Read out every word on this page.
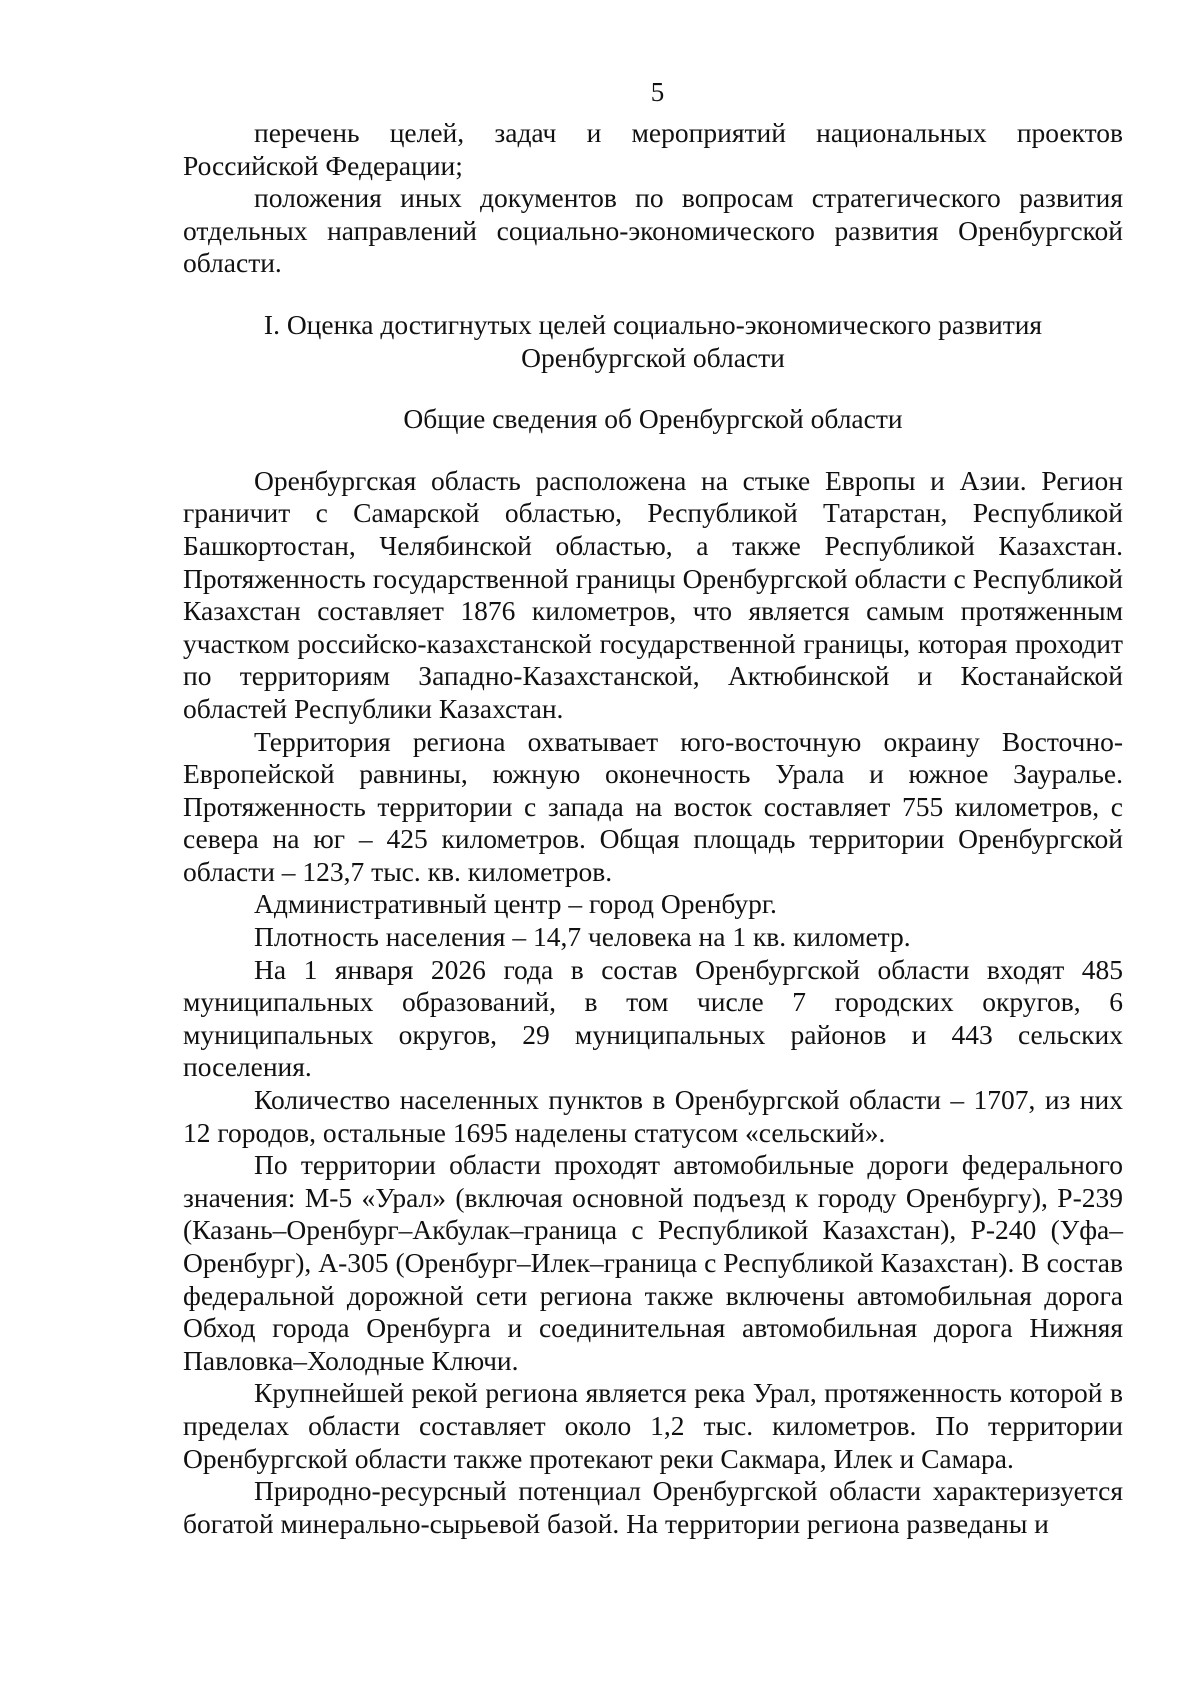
5

перечень целей, задач и мероприятий национальных проектов Российской Федерации;

положения иных документов по вопросам стратегического развития отдельных направлений социально-экономического развития Оренбургской области.

I. Оценка достигнутых целей социально-экономического развития
Оренбургской области
Общие сведения об Оренбургской области

Оренбургская область расположена на стыке Европы и Азии. Регион граничит с Самарской областью, Республикой Татарстан, Республикой Башкортостан, Челябинской областью, а также Республикой Казахстан. Протяженность государственной границы Оренбургской области с Республикой Казахстан составляет 1876 километров, что является самым протяженным участком российско-казахстанской государственной границы, которая проходит по территориям Западно-Казахстанской, Актюбинской и Костанайской областей Республики Казахстан.

Территория региона охватывает юго-восточную окраину Восточно-Европейской равнины, южную оконечность Урала и южное Зауралье. Протяженность территории с запада на восток составляет 755 километров, с севера на юг – 425 километров. Общая площадь территории Оренбургской области – 123,7 тыс. кв. километров.

Административный центр – город Оренбург.

Плотность населения – 14,7 человека на 1 кв. километр.

На 1 января 2026 года в состав Оренбургской области входят 485 муниципальных образований, в том числе 7 городских округов, 6 муниципальных округов, 29 муниципальных районов и 443 сельских поселения.

Количество населенных пунктов в Оренбургской области – 1707, из них 12 городов, остальные 1695 наделены статусом «сельский».

По территории области проходят автомобильные дороги федерального значения: М-5 «Урал» (включая основной подъезд к городу Оренбургу), Р-239 (Казань–Оренбург–Акбулак–граница с Республикой Казахстан), Р-240 (Уфа–Оренбург), А-305 (Оренбург–Илек–граница с Республикой Казахстан). В состав федеральной дорожной сети региона также включены автомобильная дорога Обход города Оренбурга и соединительная автомобильная дорога Нижняя Павловка–Холодные Ключи.

Крупнейшей рекой региона является река Урал, протяженность которой в пределах области составляет около 1,2 тыс. километров. По территории Оренбургской области также протекают реки Сакмара, Илек и Самара.

Природно-ресурсный потенциал Оренбургской области характеризуется богатой минерально-сырьевой базой. На территории региона разведаны и
